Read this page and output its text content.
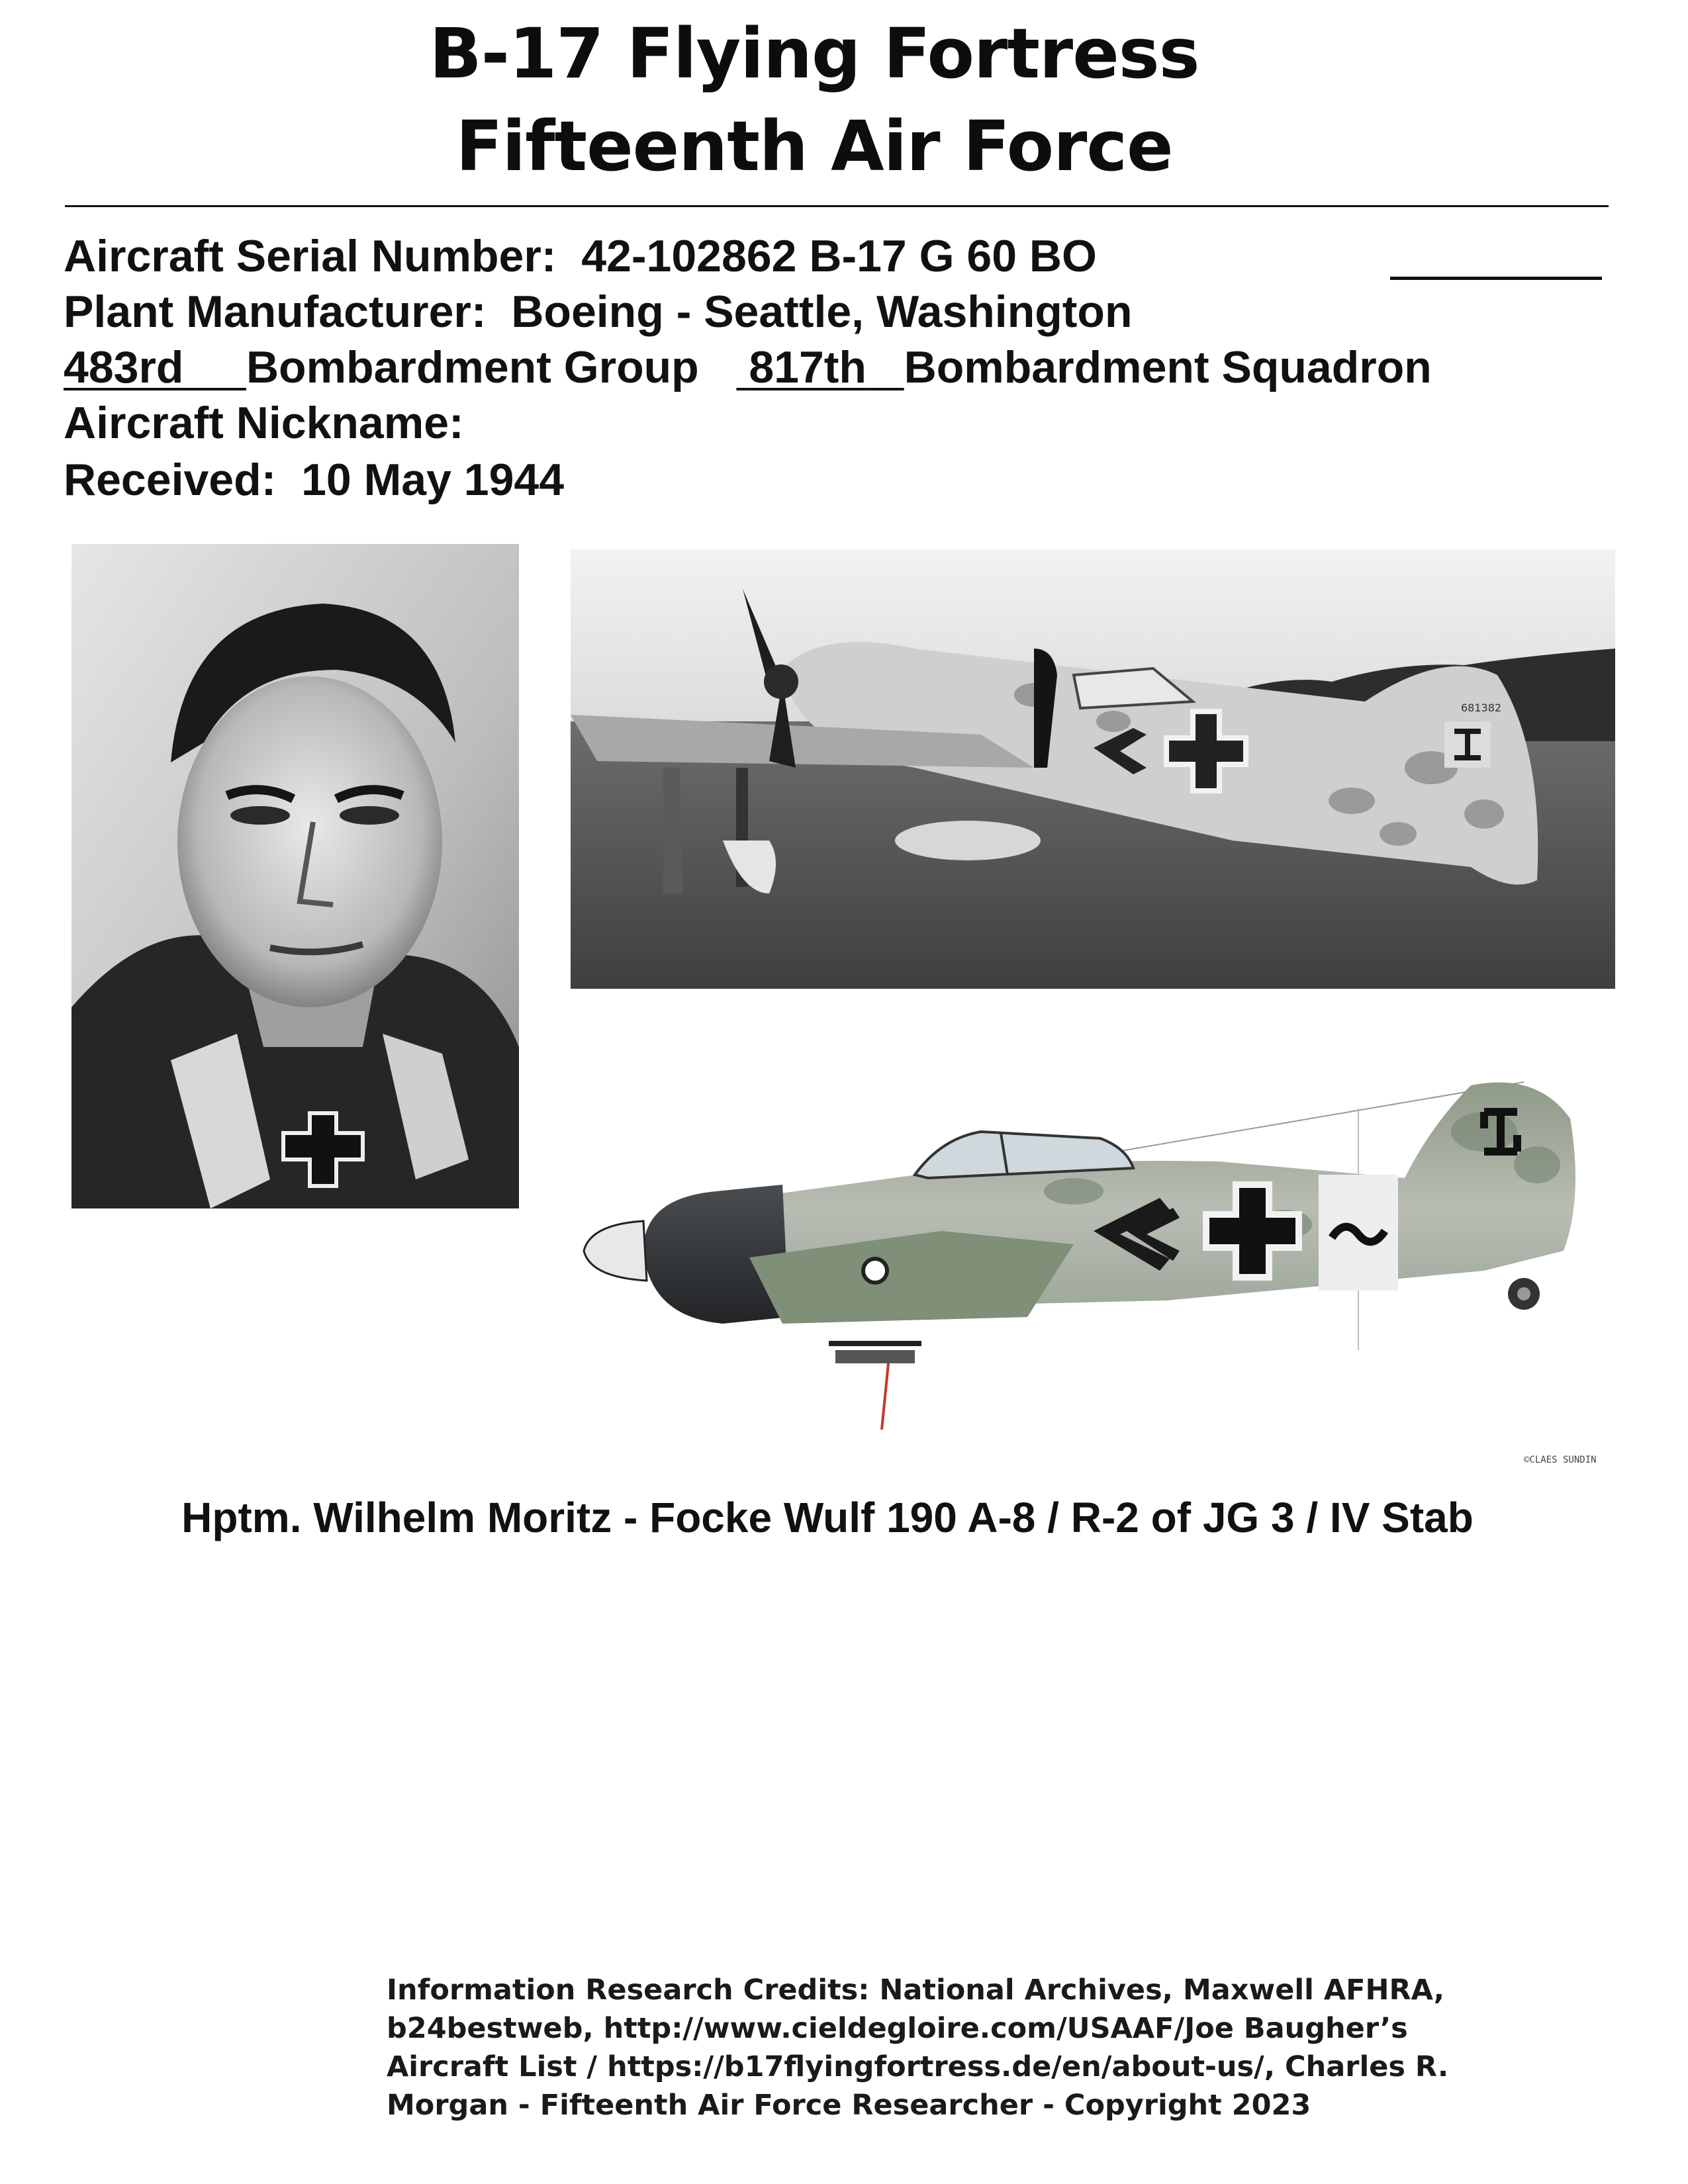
B-17 Flying Fortress
Fifteenth Air Force
Aircraft Serial Number: 42-102862 B-17 G 60 BO
Plant Manufacturer: Boeing - Seattle, Washington
483rd Bombardment Group 817th Bombardment Squadron
Aircraft Nickname:
Received: 10 May 1944
681382
©CLAES SUNDIN
Hptm. Wilhelm Moritz - Focke Wulf 190 A-8 / R-2 of JG 3 / IV Stab
Information Research Credits: National Archives, Maxwell AFHRA,
b24bestweb, http://www.cieldegloire.com/USAAF/Joe Baugher’s
Aircraft List / https://b17flyingfortress.de/en/about-us/, Charles R.
Morgan - Fifteenth Air Force Researcher - Copyright 2023
